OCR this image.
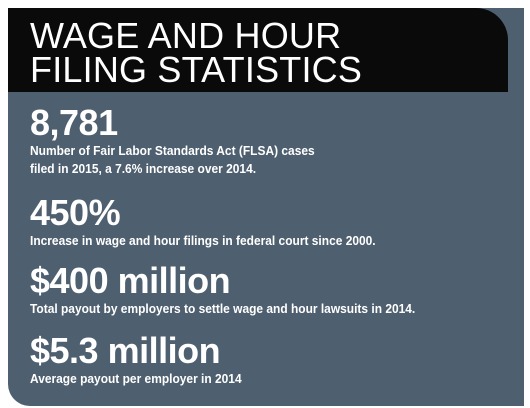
WAGE AND HOUR
FILING STATISTICS
8,781
Number of Fair Labor Standards Act (FLSA) cases
filed in 2015, a 7.6% increase over 2014.
450%
Increase in wage and hour filings in federal court since 2000.
$400 million
Total payout by employers to settle wage and hour lawsuits in 2014.
$5.3 million
Average payout per employer in 2014
